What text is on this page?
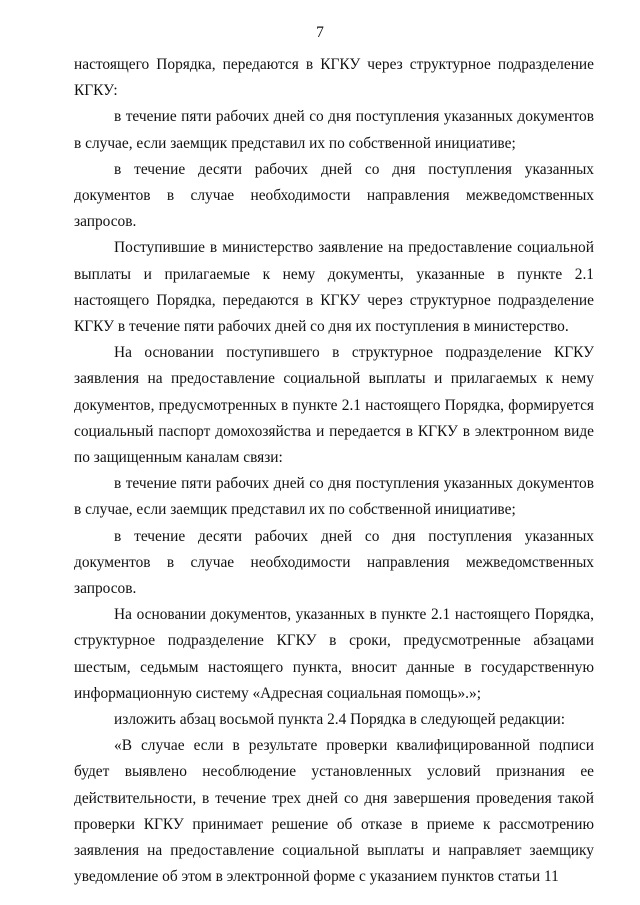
7

настоящего Порядка, передаются в КГКУ через структурное подразделение КГКУ:

в течение пяти рабочих дней со дня поступления указанных документов в случае, если заемщик представил их по собственной инициативе;

в течение десяти рабочих дней со дня поступления указанных документов в случае необходимости направления межведомственных запросов.

Поступившие в министерство заявление на предоставление социальной выплаты и прилагаемые к нему документы, указанные в пункте 2.1 настоящего Порядка, передаются в КГКУ через структурное подразделение КГКУ в течение пяти рабочих дней со дня их поступления в министерство.

На основании поступившего в структурное подразделение КГКУ заявления на предоставление социальной выплаты и прилагаемых к нему документов, предусмотренных в пункте 2.1 настоящего Порядка, формируется социальный паспорт домохозяйства и передается в КГКУ в электронном виде по защищенным каналам связи:

в течение пяти рабочих дней со дня поступления указанных документов в случае, если заемщик представил их по собственной инициативе;

в течение десяти рабочих дней со дня поступления указанных документов в случае необходимости направления межведомственных запросов.

На основании документов, указанных в пункте 2.1 настоящего Порядка, структурное подразделение КГКУ в сроки, предусмотренные абзацами шестым, седьмым настоящего пункта, вносит данные в государственную информационную систему «Адресная социальная помощь».»;

изложить абзац восьмой пункта 2.4 Порядка в следующей редакции:

«В случае если в результате проверки квалифицированной подписи будет выявлено несоблюдение установленных условий признания ее действительности, в течение трех дней со дня завершения проведения такой проверки КГКУ принимает решение об отказе в приеме к рассмотрению заявления на предоставление социальной выплаты и направляет заемщику уведомление об этом в электронной форме с указанием пунктов статьи 11
